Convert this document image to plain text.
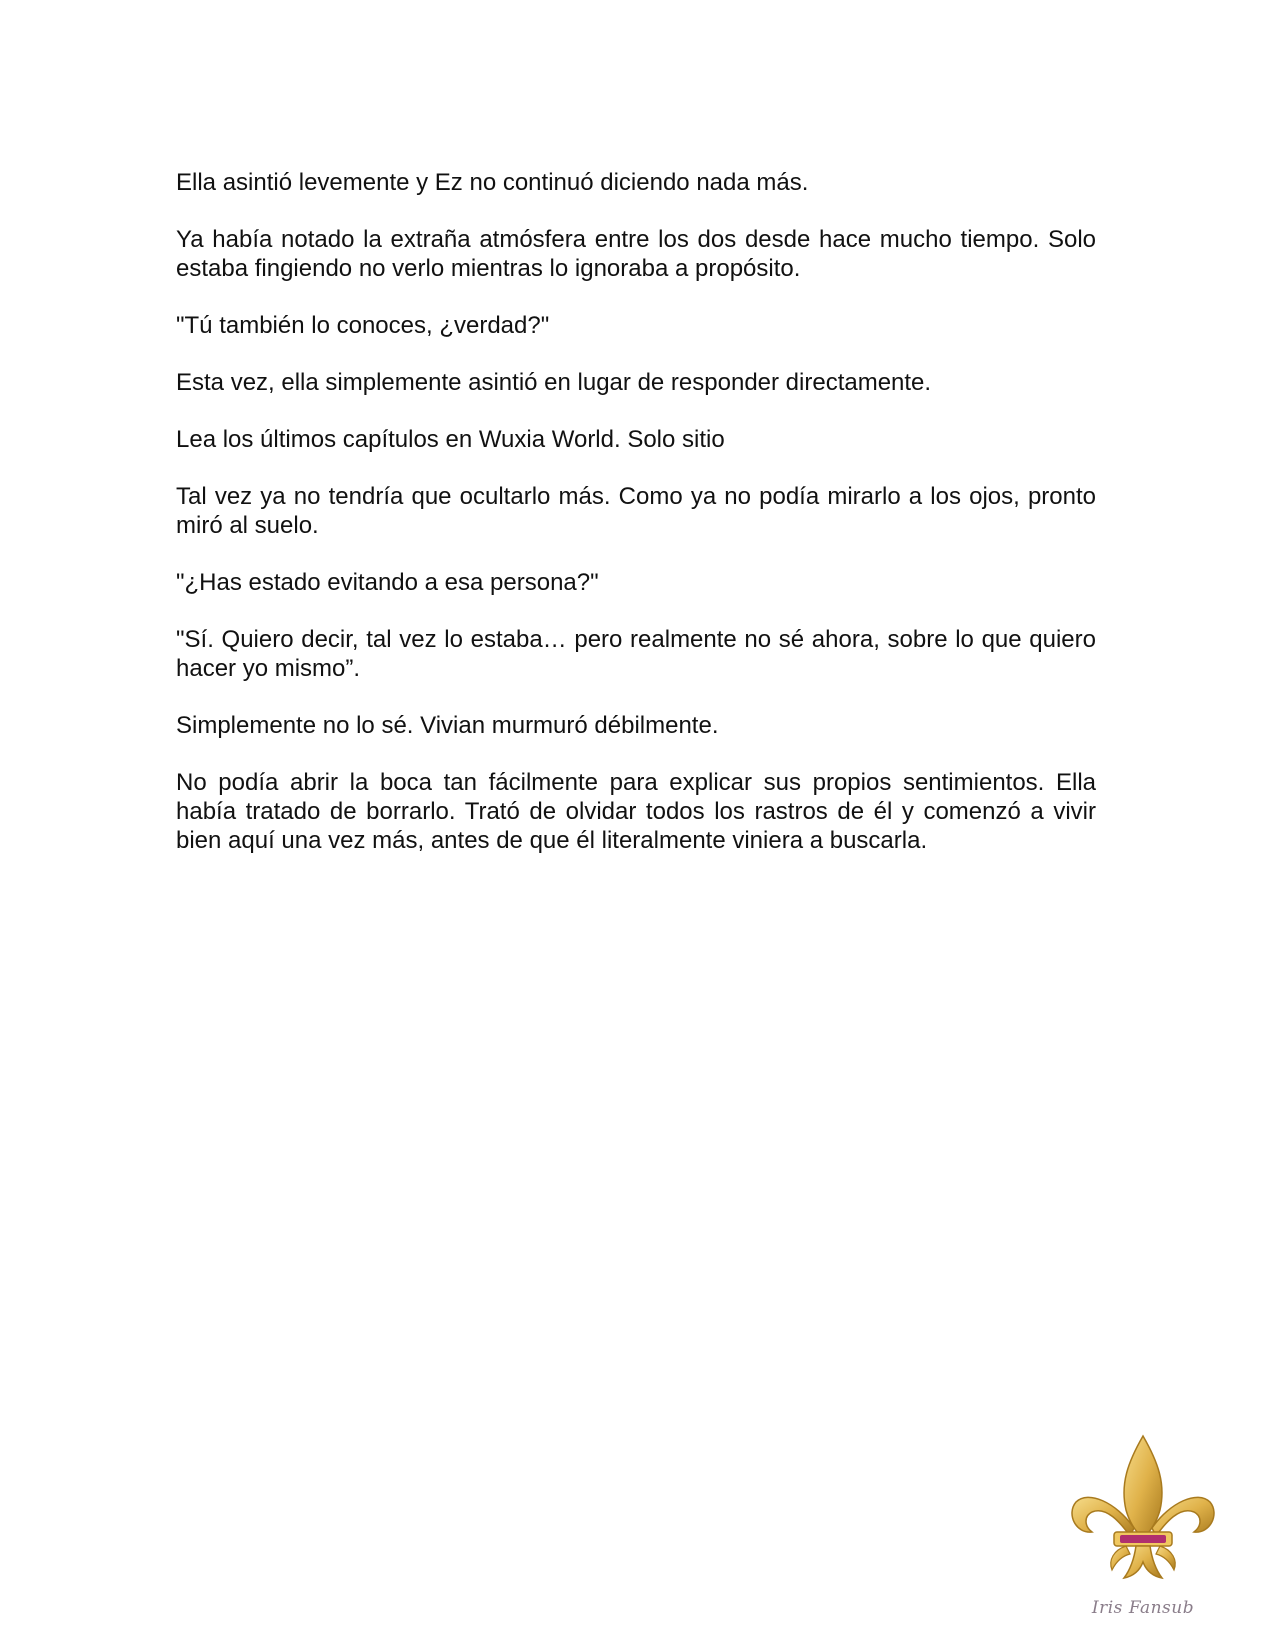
Ella asintió levemente y Ez no continuó diciendo nada más.

Ya había notado la extraña atmósfera entre los dos desde hace mucho tiempo. Solo estaba fingiendo no verlo mientras lo ignoraba a propósito.

"Tú también lo conoces, ¿verdad?"

Esta vez, ella simplemente asintió en lugar de responder directamente.

Lea los últimos capítulos en Wuxia World. Solo sitio

Tal vez ya no tendría que ocultarlo más. Como ya no podía mirarlo a los ojos, pronto miró al suelo.

"¿Has estado evitando a esa persona?"

"Sí. Quiero decir, tal vez lo estaba… pero realmente no sé ahora, sobre lo que quiero hacer yo mismo”.

Simplemente no lo sé. Vivian murmuró débilmente.

No podía abrir la boca tan fácilmente para explicar sus propios sentimientos. Ella había tratado de borrarlo. Trató de olvidar todos los rastros de él y comenzó a vivir bien aquí una vez más, antes de que él literalmente viniera a buscarla.

Iris Fansub
